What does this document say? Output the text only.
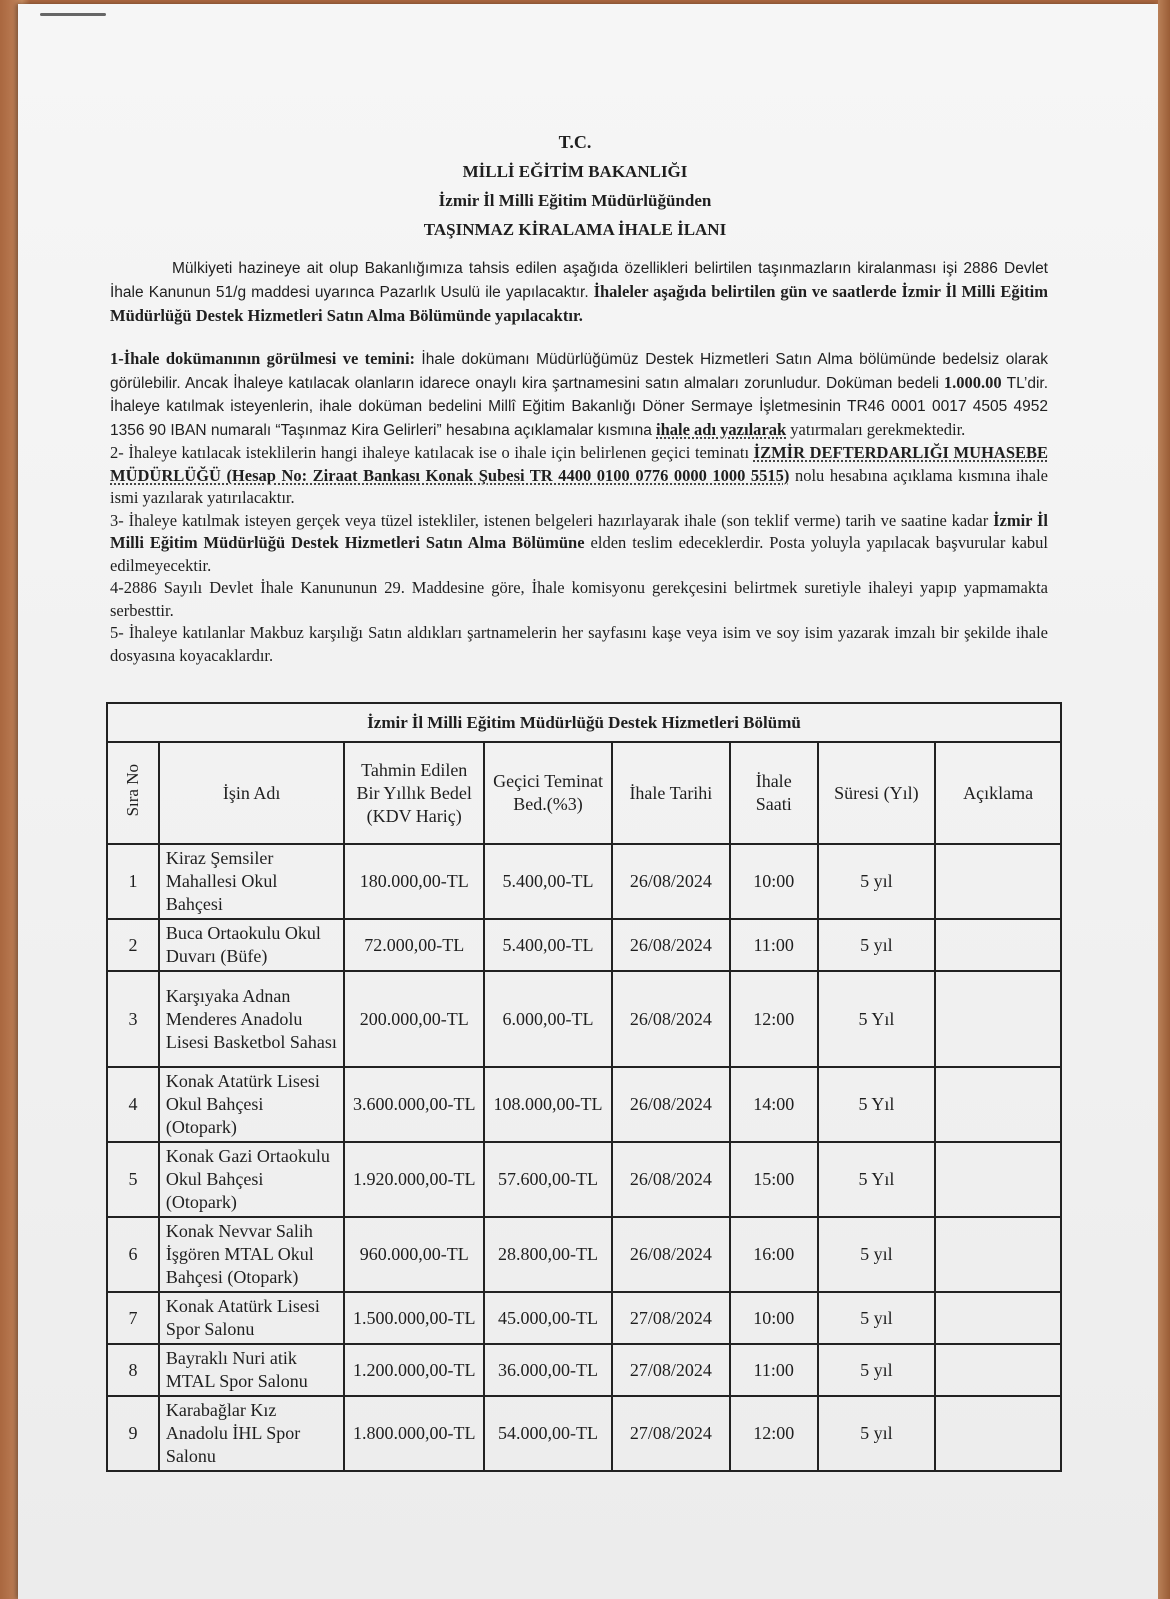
T.C.
MİLLİ EĞİTİM BAKANLIĞI
İzmir İl Milli Eğitim Müdürlüğünden
TAŞINMAZ KİRALAMA İHALE İLANI
Mülkiyeti hazineye ait olup Bakanlığımıza tahsis edilen aşağıda özellikleri belirtilen taşınmazların kiralanması işi 2886 Devlet İhale Kanunun 51/g maddesi uyarınca Pazarlık Usulü ile yapılacaktır. İhaleler aşağıda belirtilen gün ve saatlerde İzmir İl Milli Eğitim Müdürlüğü Destek Hizmetleri Satın Alma Bölümünde yapılacaktır.

1-İhale dokümanının görülmesi ve temini: İhale dokümanı Müdürlüğümüz Destek Hizmetleri Satın Alma bölümünde bedelsiz olarak görülebilir. Ancak İhaleye katılacak olanların idarece onaylı kira şartnamesini satın almaları zorunludur. Doküman bedeli 1.000.00 TL’dir. İhaleye katılmak isteyenlerin, ihale doküman bedelini Millî Eğitim Bakanlığı Döner Sermaye İşletmesinin TR46 0001 0017 4505 4952 1356 90 IBAN numaralı “Taşınmaz Kira Gelirleri” hesabına açıklamalar kısmına ihale adı yazılarak yatırmaları gerekmektedir.

2- İhaleye katılacak isteklilerin hangi ihaleye katılacak ise o ihale için belirlenen geçici teminatı İZMİR DEFTERDARLIĞI MUHASEBE MÜDÜRLÜĞÜ (Hesap No: Ziraat Bankası Konak Şubesi TR 4400 0100 0776 0000 1000 5515) nolu hesabına açıklama kısmına ihale ismi yazılarak yatırılacaktır.

3- İhaleye katılmak isteyen gerçek veya tüzel istekliler, istenen belgeleri hazırlayarak ihale (son teklif verme) tarih ve saatine kadar İzmir İl Milli Eğitim Müdürlüğü Destek Hizmetleri Satın Alma Bölümüne elden teslim edeceklerdir. Posta yoluyla yapılacak başvurular kabul edilmeyecektir.

4-2886 Sayılı Devlet İhale Kanununun 29. Maddesine göre, İhale komisyonu gerekçesini belirtmek suretiyle ihaleyi yapıp yapmamakta serbesttir.

5- İhaleye katılanlar Makbuz karşılığı Satın aldıkları şartnamelerin her sayfasını kaşe veya isim ve soy isim yazarak imzalı bir şekilde ihale dosyasına koyacaklardır.

İzmir İl Milli Eğitim Müdürlüğü Destek Hizmetleri Bölümü							
Sıra No	İşin Adı	Tahmin Edilen Bir Yıllık Bedel (KDV Hariç)	Geçici Teminat Bed.(%3)	İhale Tarihi	İhale Saati	Süresi (Yıl)	Açıklama
1	Kiraz Şemsiler Mahallesi Okul Bahçesi	180.000,00-TL	5.400,00-TL	26/08/2024	10:00	5 yıl	
2	Buca Ortaokulu Okul Duvarı (Büfe)	72.000,00-TL	5.400,00-TL	26/08/2024	11:00	5 yıl	
3	Karşıyaka Adnan Menderes Anadolu Lisesi Basketbol Sahası	200.000,00-TL	6.000,00-TL	26/08/2024	12:00	5 Yıl	
4	Konak Atatürk Lisesi Okul Bahçesi (Otopark)	3.600.000,00-TL	108.000,00-TL	26/08/2024	14:00	5 Yıl	
5	Konak Gazi Ortaokulu Okul Bahçesi (Otopark)	1.920.000,00-TL	57.600,00-TL	26/08/2024	15:00	5 Yıl	
6	Konak Nevvar Salih İşgören MTAL Okul Bahçesi (Otopark)	960.000,00-TL	28.800,00-TL	26/08/2024	16:00	5 yıl	
7	Konak Atatürk Lisesi Spor Salonu	1.500.000,00-TL	45.000,00-TL	27/08/2024	10:00	5 yıl	
8	Bayraklı Nuri atik MTAL Spor Salonu	1.200.000,00-TL	36.000,00-TL	27/08/2024	11:00	5 yıl	
9	Karabağlar Kız Anadolu İHL Spor Salonu	1.800.000,00-TL	54.000,00-TL	27/08/2024	12:00	5 yıl	
